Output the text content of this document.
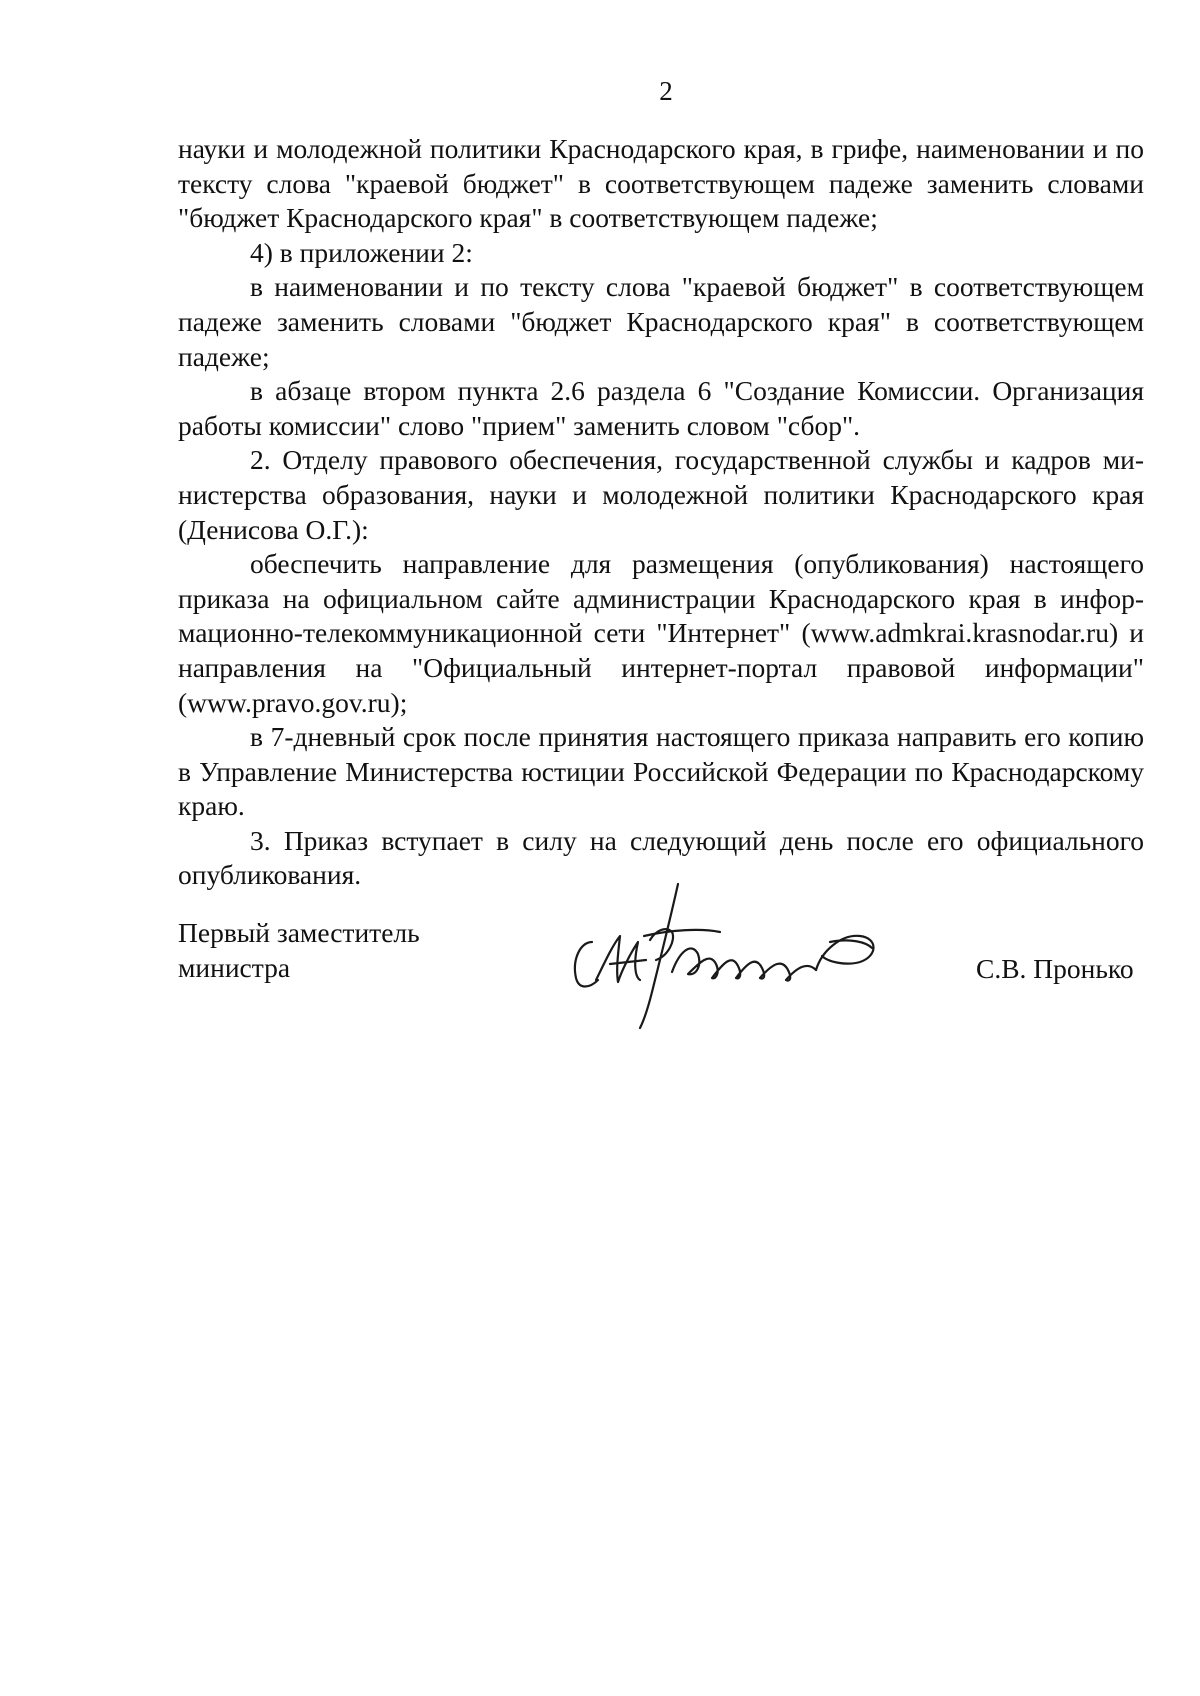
2

науки и молодежной политики Краснодарского края, в грифе, наименовании и по тексту слова "краевой бюджет" в соответствующем падеже заменить словами "бюджет Краснодарского края" в соответствующем падеже;

4) в приложении 2:

в наименовании и по тексту слова "краевой бюджет" в соответствующем падеже заменить словами "бюджет Краснодарского края" в соответствующем падеже;

в абзаце втором пункта 2.6 раздела 6 "Создание Комиссии. Организация работы комиссии" слово "прием" заменить словом "сбор".

2. Отделу правового обеспечения, государственной службы и кадров министерства образования, науки и молодежной политики Краснодарского края (Денисова О.Г.):

обеспечить направление для размещения (опубликования) настоящего приказа на официальном сайте администрации Краснодарского края в информационно-телекоммуникационной сети "Интернет" (www.admkrai.krasnodar.ru) и направления на "Официальный интернет-портал правовой информации" (www.pravo.gov.ru);

в 7-дневный срок после принятия настоящего приказа направить его копию в Управление Министерства юстиции Российской Федерации по Краснодарскому краю.

3. Приказ вступает в силу на следующий день после его официального опубликования.

Первый заместитель
министра	С.В. Пронько
